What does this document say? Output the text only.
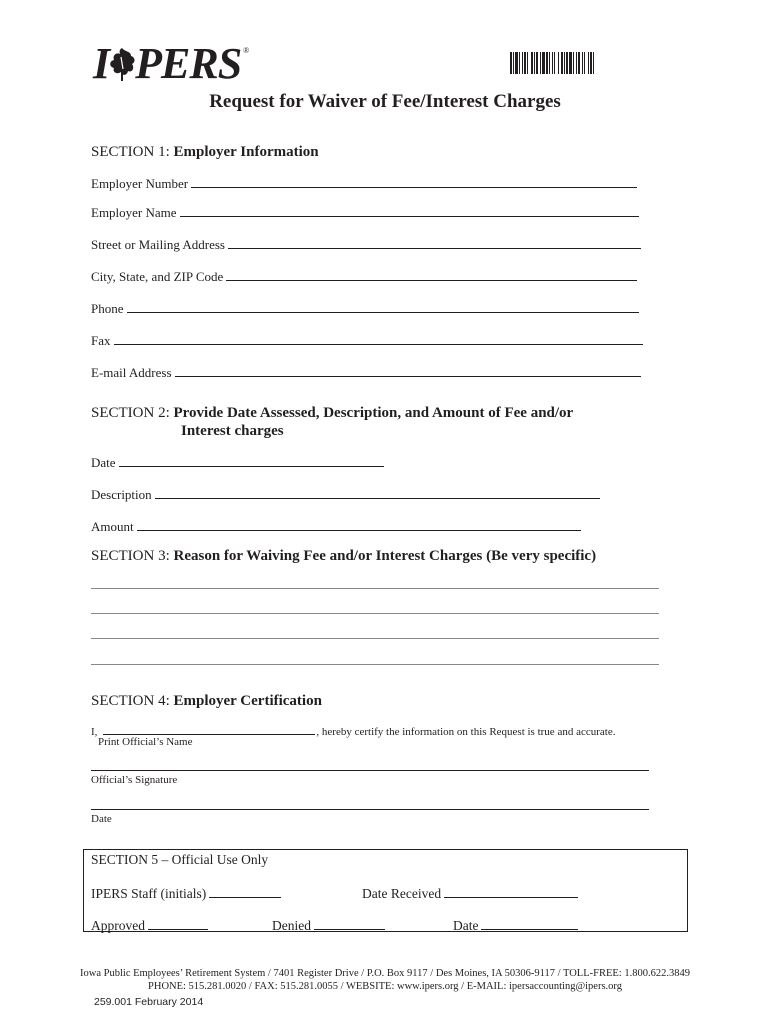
I PERS ®
Request for Waiver of Fee/Interest Charges
SECTION 1: Employer Information
Employer Number
Employer Name
Street or Mailing Address
City, State, and ZIP Code
Phone
Fax
E-mail Address
SECTION 2: Provide Date Assessed, Description, and Amount of Fee and/or
Interest charges
Date
Description
Amount
SECTION 3: Reason for Waiving Fee and/or Interest Charges (Be very specific)
SECTION 4: Employer Certification
I,	, hereby certify the information on this Request is true and accurate.
Print Official’s Name
Official’s Signature
Date
SECTION 5 – Official Use Only
IPERS Staff (initials)	Date Received
Approved	Denied	Date
Iowa Public Employees’ Retirement System / 7401 Register Drive / P.O. Box 9117 / Des Moines, IA 50306-9117 / TOLL-FREE: 1.800.622.3849
PHONE: 515.281.0020 / FAX: 515.281.0055 / WEBSITE: www.ipers.org / E-MAIL: ipersaccounting@ipers.org
259.001 February 2014
